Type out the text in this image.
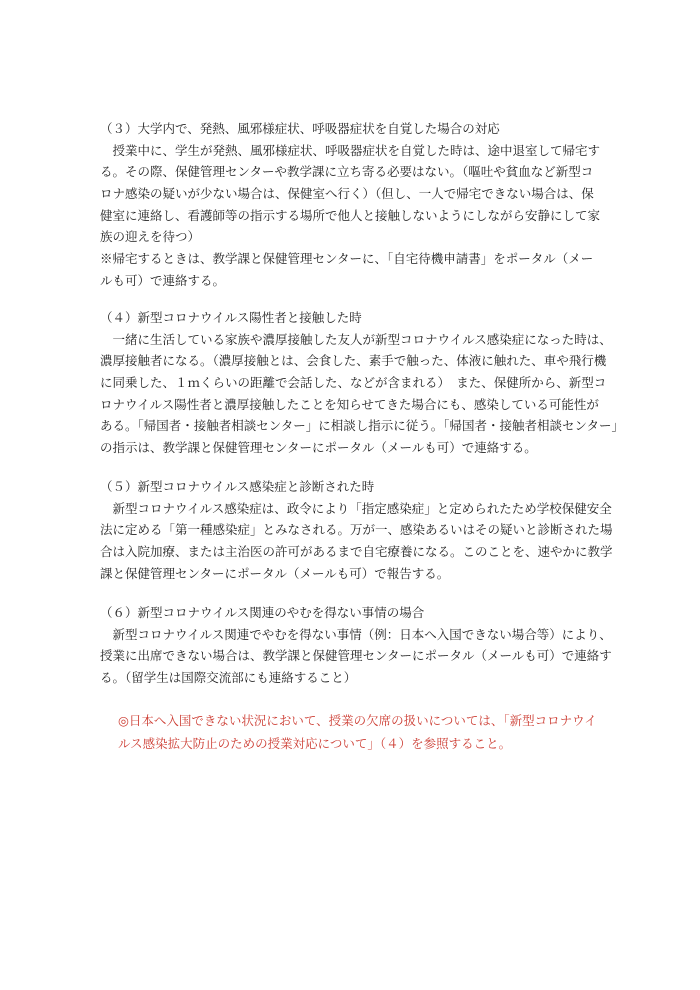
（３）大学内で、発熱、風邪様症状、呼吸器症状を自覚した場合の対応
　授業中に、学生が発熱、風邪様症状、呼吸器症状を自覚した時は、途中退室して帰宅す
る。その際、保健管理センターや教学課に立ち寄る必要はない。（嘔吐や貧血など新型コ
ロナ感染の疑いが少ない場合は、保健室へ行く）（但し、一人で帰宅できない場合は、保
健室に連絡し、看護師等の指示する場所で他人と接触しないようにしながら安静にして家
族の迎えを待つ）
※帰宅するときは、教学課と保健管理センターに、「自宅待機申請書」をポータル（メー
ルも可）で連絡する。
（４）新型コロナウイルス陽性者と接触した時
　一緒に生活している家族や濃厚接触した友人が新型コロナウイルス感染症になった時は、
濃厚接触者になる。（濃厚接触とは、会食した、素手で触った、体液に触れた、車や飛行機
に同乗した、１ｍくらいの距離で会話した、などが含まれる）　また、保健所から、新型コ
ロナウイルス陽性者と濃厚接触したことを知らせてきた場合にも、感染している可能性が
ある。「帰国者・接触者相談センター」に相談し指示に従う。「帰国者・接触者相談センター」
の指示は、教学課と保健管理センターにポータル（メールも可）で連絡する。
（５）新型コロナウイルス感染症と診断された時
　新型コロナウイルス感染症は、政令により「指定感染症」と定められたため学校保健安全
法に定める「第一種感染症」とみなされる。万が一、感染あるいはその疑いと診断された場
合は入院加療、または主治医の許可があるまで自宅療養になる。このことを、速やかに教学
課と保健管理センターにポータル（メールも可）で報告する。
（６）新型コロナウイルス関連のやむを得ない事情の場合
　新型コロナウイルス関連でやむを得ない事情（例：日本へ入国できない場合等）により、
授業に出席できない場合は、教学課と保健管理センターにポータル（メールも可）で連絡す
る。（留学生は国際交流部にも連絡すること）
◎日本へ入国できない状況において、授業の欠席の扱いについては、「新型コロナウイ
ルス感染拡大防止のための授業対応について」（４）を参照すること。
